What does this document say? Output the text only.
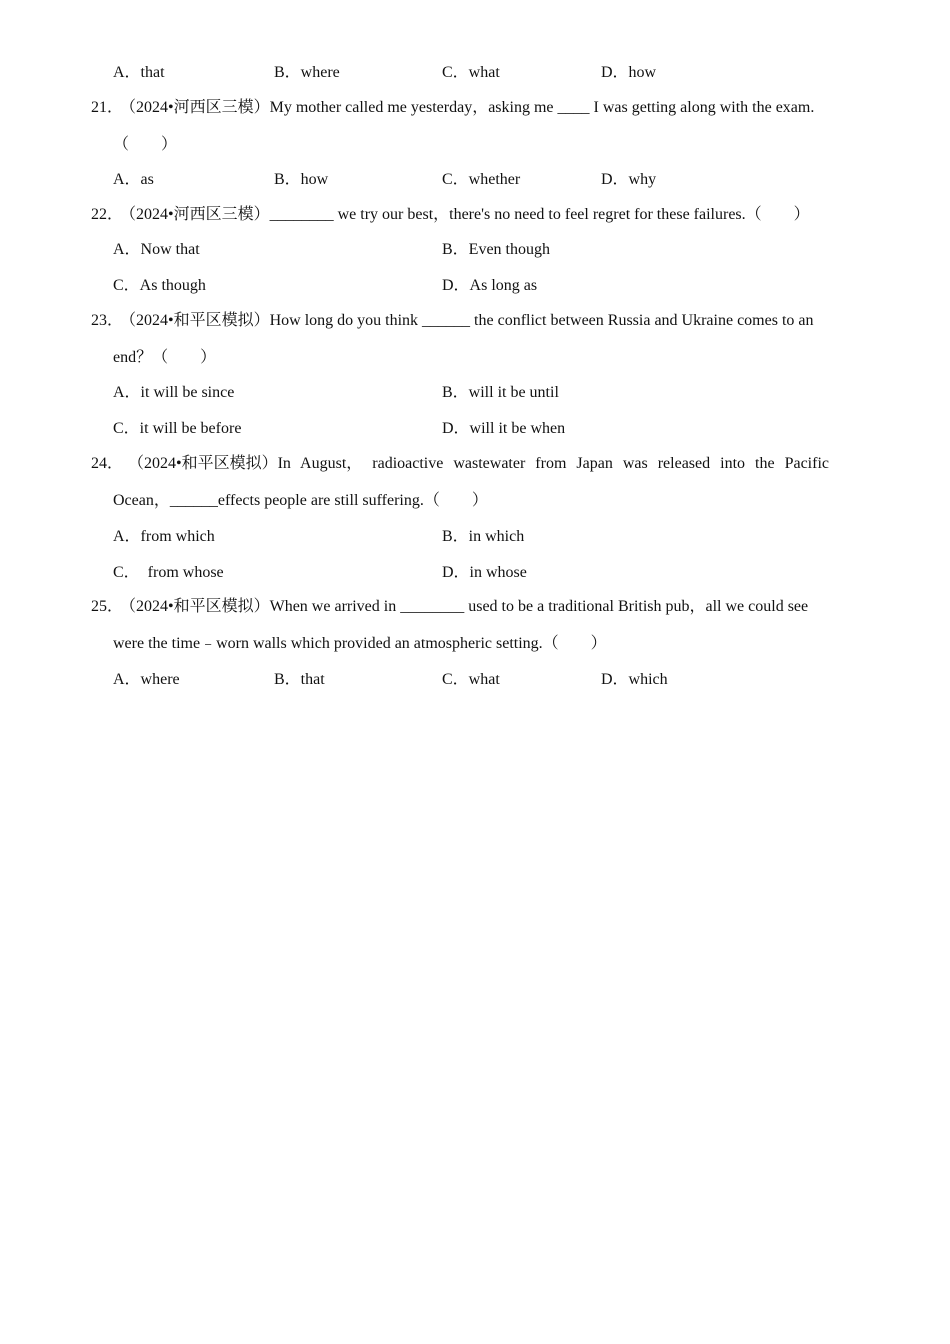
A．that	B．where	C．what	D．how
21．
（2024•河西区三模）My mother called me yesterday，asking me ____ I was getting along with the exam.
（　　）
A．as	B．how	C．whether	D．why
22．
（2024•河西区三模）________ we try our best，there's no need to feel regret for these failures.（　　）
A．Now that	B．Even though
C．As though	D．As long as
23．
（2024•和平区模拟）How long do you think ______ the conflict between Russia and Ukraine comes to an
end？（　　）
A．it will be since	B．will it be until
C．it will be before	D．will it be when
24． （2024•和平区模拟）In August， radioactive wastewater from Japan was released into the Pacific
Ocean，______effects people are still suffering.（　　）
A．from which	B．in which
C．　from whose	D．in whose
25．
（2024•和平区模拟）When we arrived in ________ used to be a traditional British pub，all we could see
were the time﹣worn walls which provided an atmospheric setting.（　　）
A．where	B．that	C．what	D．which
